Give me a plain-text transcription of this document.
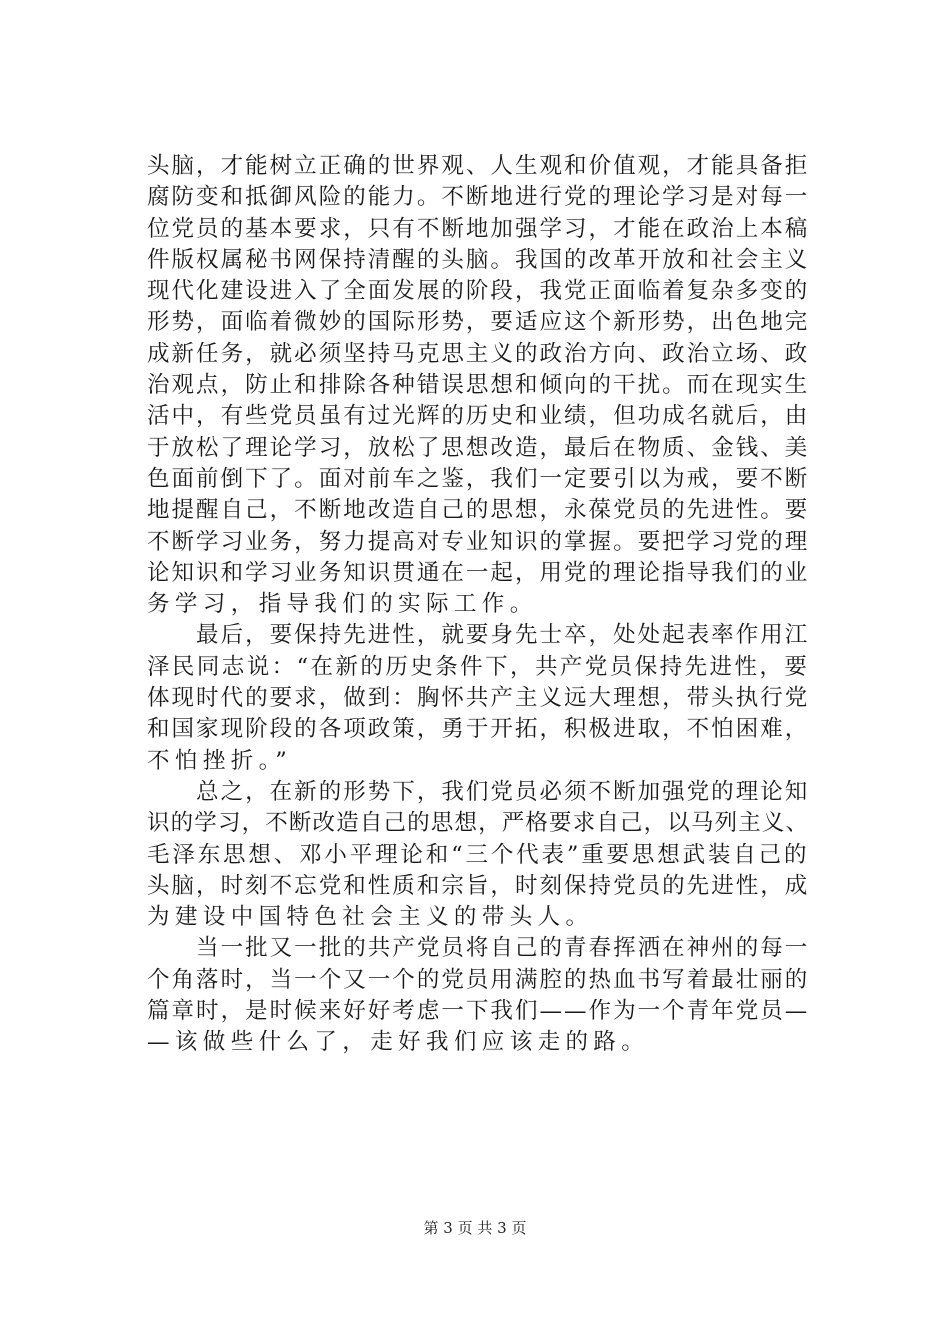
头脑，才能树立正确的世界观、人生观和价值观，才能具备拒
腐防变和抵御风险的能力。不断地进行党的理论学习是对每一
位党员的基本要求，只有不断地加强学习，才能在政治上本稿
件版权属秘书网保持清醒的头脑。我国的改革开放和社会主义
现代化建设进入了全面发展的阶段，我党正面临着复杂多变的
形势，面临着微妙的国际形势，要适应这个新形势，出色地完
成新任务，就必须坚持马克思主义的政治方向、政治立场、政
治观点，防止和排除各种错误思想和倾向的干扰。而在现实生
活中，有些党员虽有过光辉的历史和业绩，但功成名就后，由
于放松了理论学习，放松了思想改造，最后在物质、金钱、美
色面前倒下了。面对前车之鉴，我们一定要引以为戒，要不断
地提醒自己，不断地改造自己的思想，永葆党员的先进性。要
不断学习业务，努力提高对专业知识的掌握。要把学习党的理
论知识和学习业务知识贯通在一起，用党的理论指导我们的业
务学习，指导我们的实际工作。
　　最后，要保持先进性，就要身先士卒，处处起表率作用江
泽民同志说：“在新的历史条件下，共产党员保持先进性，要
体现时代的要求，做到：胸怀共产主义远大理想，带头执行党
和国家现阶段的各项政策，勇于开拓，积极进取，不怕困难，
不怕挫折。”
　　总之，在新的形势下，我们党员必须不断加强党的理论知
识的学习，不断改造自己的思想，严格要求自己，以马列主义、
毛泽东思想、邓小平理论和“三个代表”重要思想武装自己的
头脑，时刻不忘党和性质和宗旨，时刻保持党员的先进性，成
为建设中国特色社会主义的带头人。
　　当一批又一批的共产党员将自己的青春挥洒在神州的每一
个角落时，当一个又一个的党员用满腔的热血书写着最壮丽的
篇章时，是时候来好好考虑一下我们——作为一个青年党员—
—该做些什么了，走好我们应该走的路。
第 3 页 共 3 页
